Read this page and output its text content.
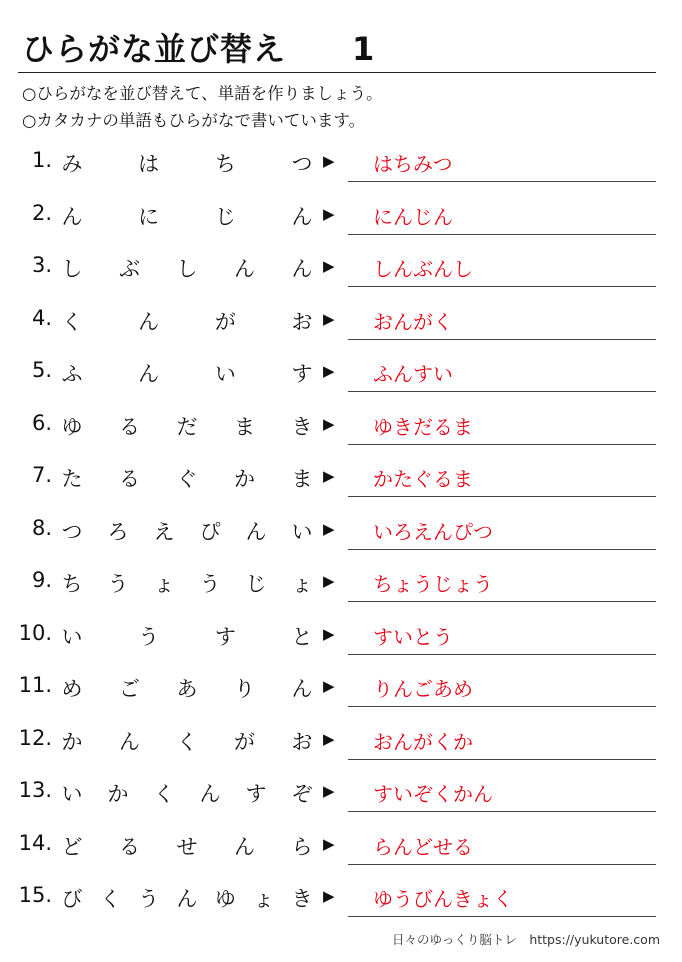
ひらがな並び替え　　1
○ひらがなを並び替えて、単語を作りましょう。
○カタカナの単語もひらがなで書いています。
1. み	は	ち	つ ▶ はちみつ
2. ん	に	じ	ん ▶ にんじん
3. し ぶ し ん ん ▶ しんぶんし
4. く	ん	が	お ▶ おんがく
5. ふ	ん	い	す ▶ ふんすい
6. ゆ る だ ま き ▶ ゆきだるま
7. た る ぐ か ま ▶ かたぐるま
8. つ ろ え ぴ ん い ▶ いろえんぴつ
9. ち う ょ う じ ょ ▶ ちょうじょう
10. い	う	す	と ▶ すいとう
11. め ご あ り ん ▶ りんごあめ
12. か ん く が お ▶ おんがくか
13. い か く ん す ぞ ▶ すいぞくかん
14. ど る せ ん ら ▶ らんどせる
15. び く う ん ゆ ょ き ▶ ゆうびんきょく
日々のゆっくり脳トレ　https://yukutore.com
